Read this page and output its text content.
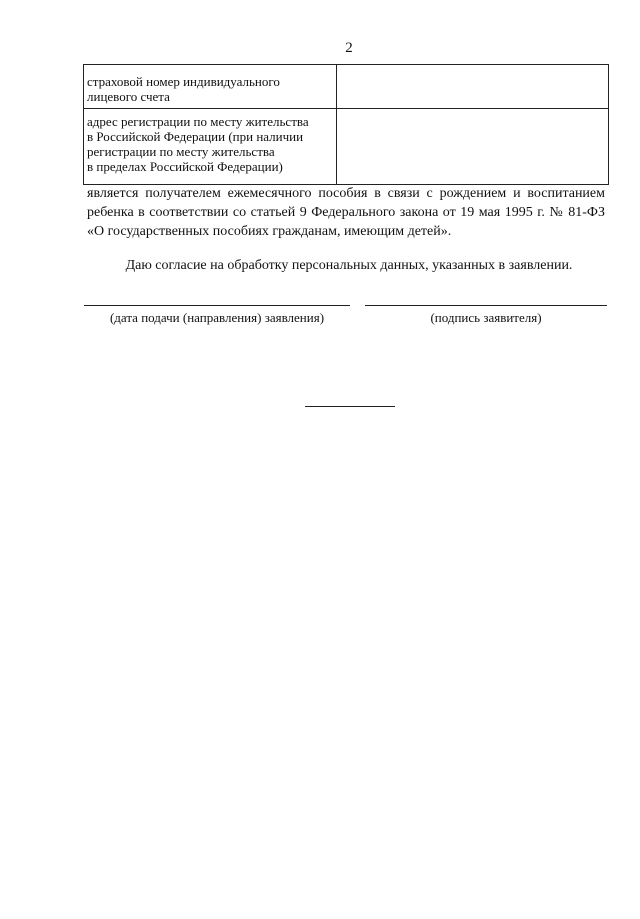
2
страховой номер индивидуального
лицевого счета	
адрес регистрации по месту жительства
в Российской Федерации (при наличии
регистрации по месту жительства
в пределах Российской Федерации)	
является получателем ежемесячного пособия в связи с рождением и воспитанием ребенка в соответствии со статьей 9 Федерального закона от 19 мая 1995 г. № 81-ФЗ «О государственных пособиях гражданам, имеющим детей».
Даю согласие на обработку персональных данных, указанных в заявлении.
(дата подачи (направления) заявления)	(подпись заявителя)
